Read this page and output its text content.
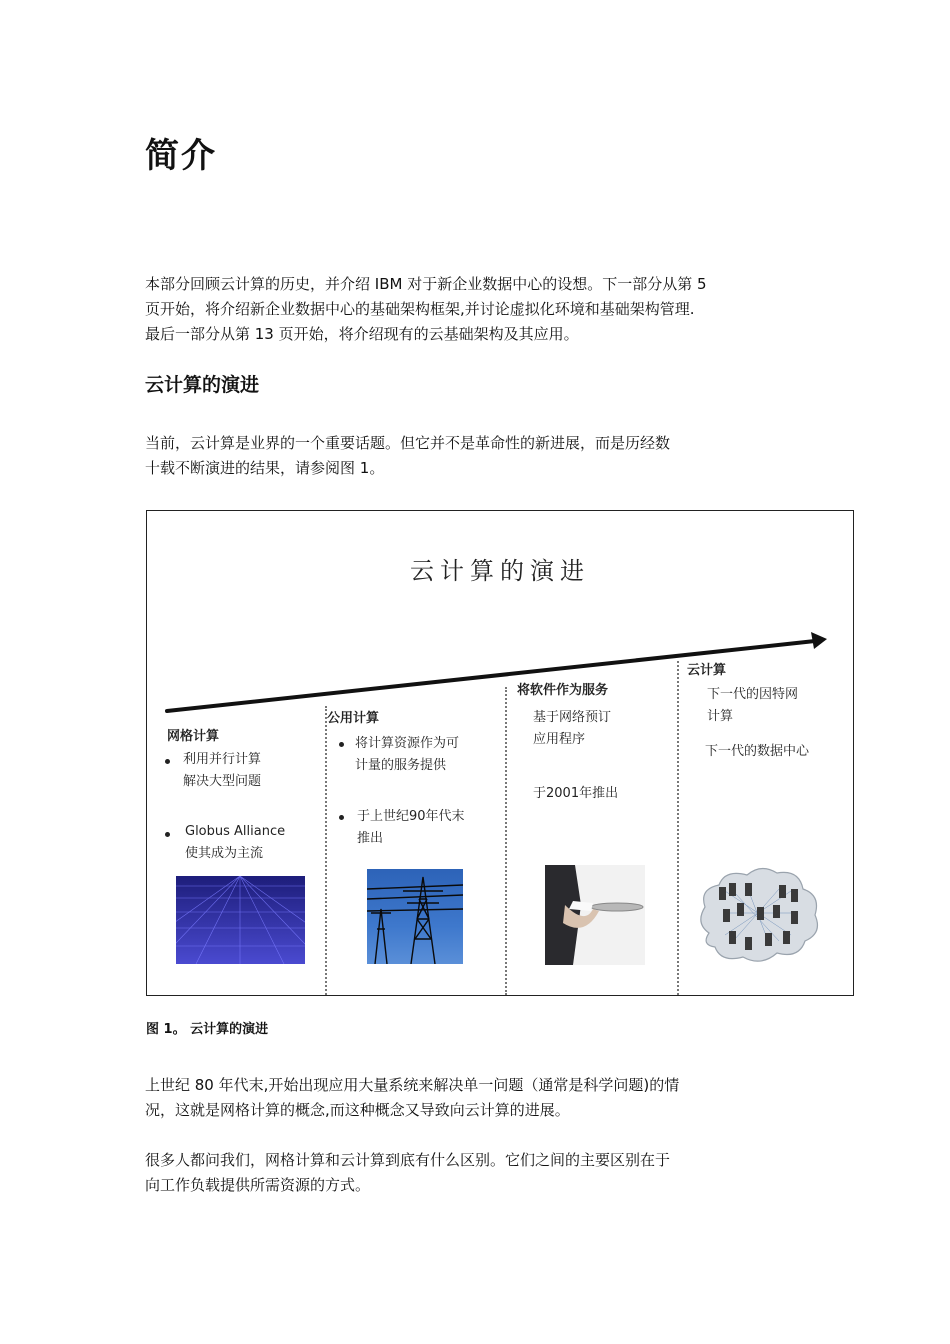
简介
本部分回顾云计算的历史，并介绍 IBM 对于新企业数据中心的设想。下一部分从第 5
页开始，将介绍新企业数据中心的基础架构框架,并讨论虚拟化环境和基础架构管理.
最后一部分从第 13 页开始，将介绍现有的云基础架构及其应用。
云计算的演进
当前，云计算是业界的一个重要话题。但它并不是革命性的新进展，而是历经数
十载不断演进的结果，请参阅图 1。
云计算的演进
网格计算
利用并行计算
解决大型问题
Globus Alliance
使其成为主流
公用计算
将计算资源作为可
计量的服务提供
于上世纪90年代末
推出
将软件作为服务
基于网络预订
应用程序
于2001年推出
云计算
下一代的因特网
计算
下一代的数据中心
图 1。 云计算的演进
上世纪 80 年代末,开始出现应用大量系统来解决单一问题（通常是科学问题)的情
况，这就是网格计算的概念,而这种概念又导致向云计算的进展。
很多人都问我们，网格计算和云计算到底有什么区别。它们之间的主要区别在于
向工作负载提供所需资源的方式。
